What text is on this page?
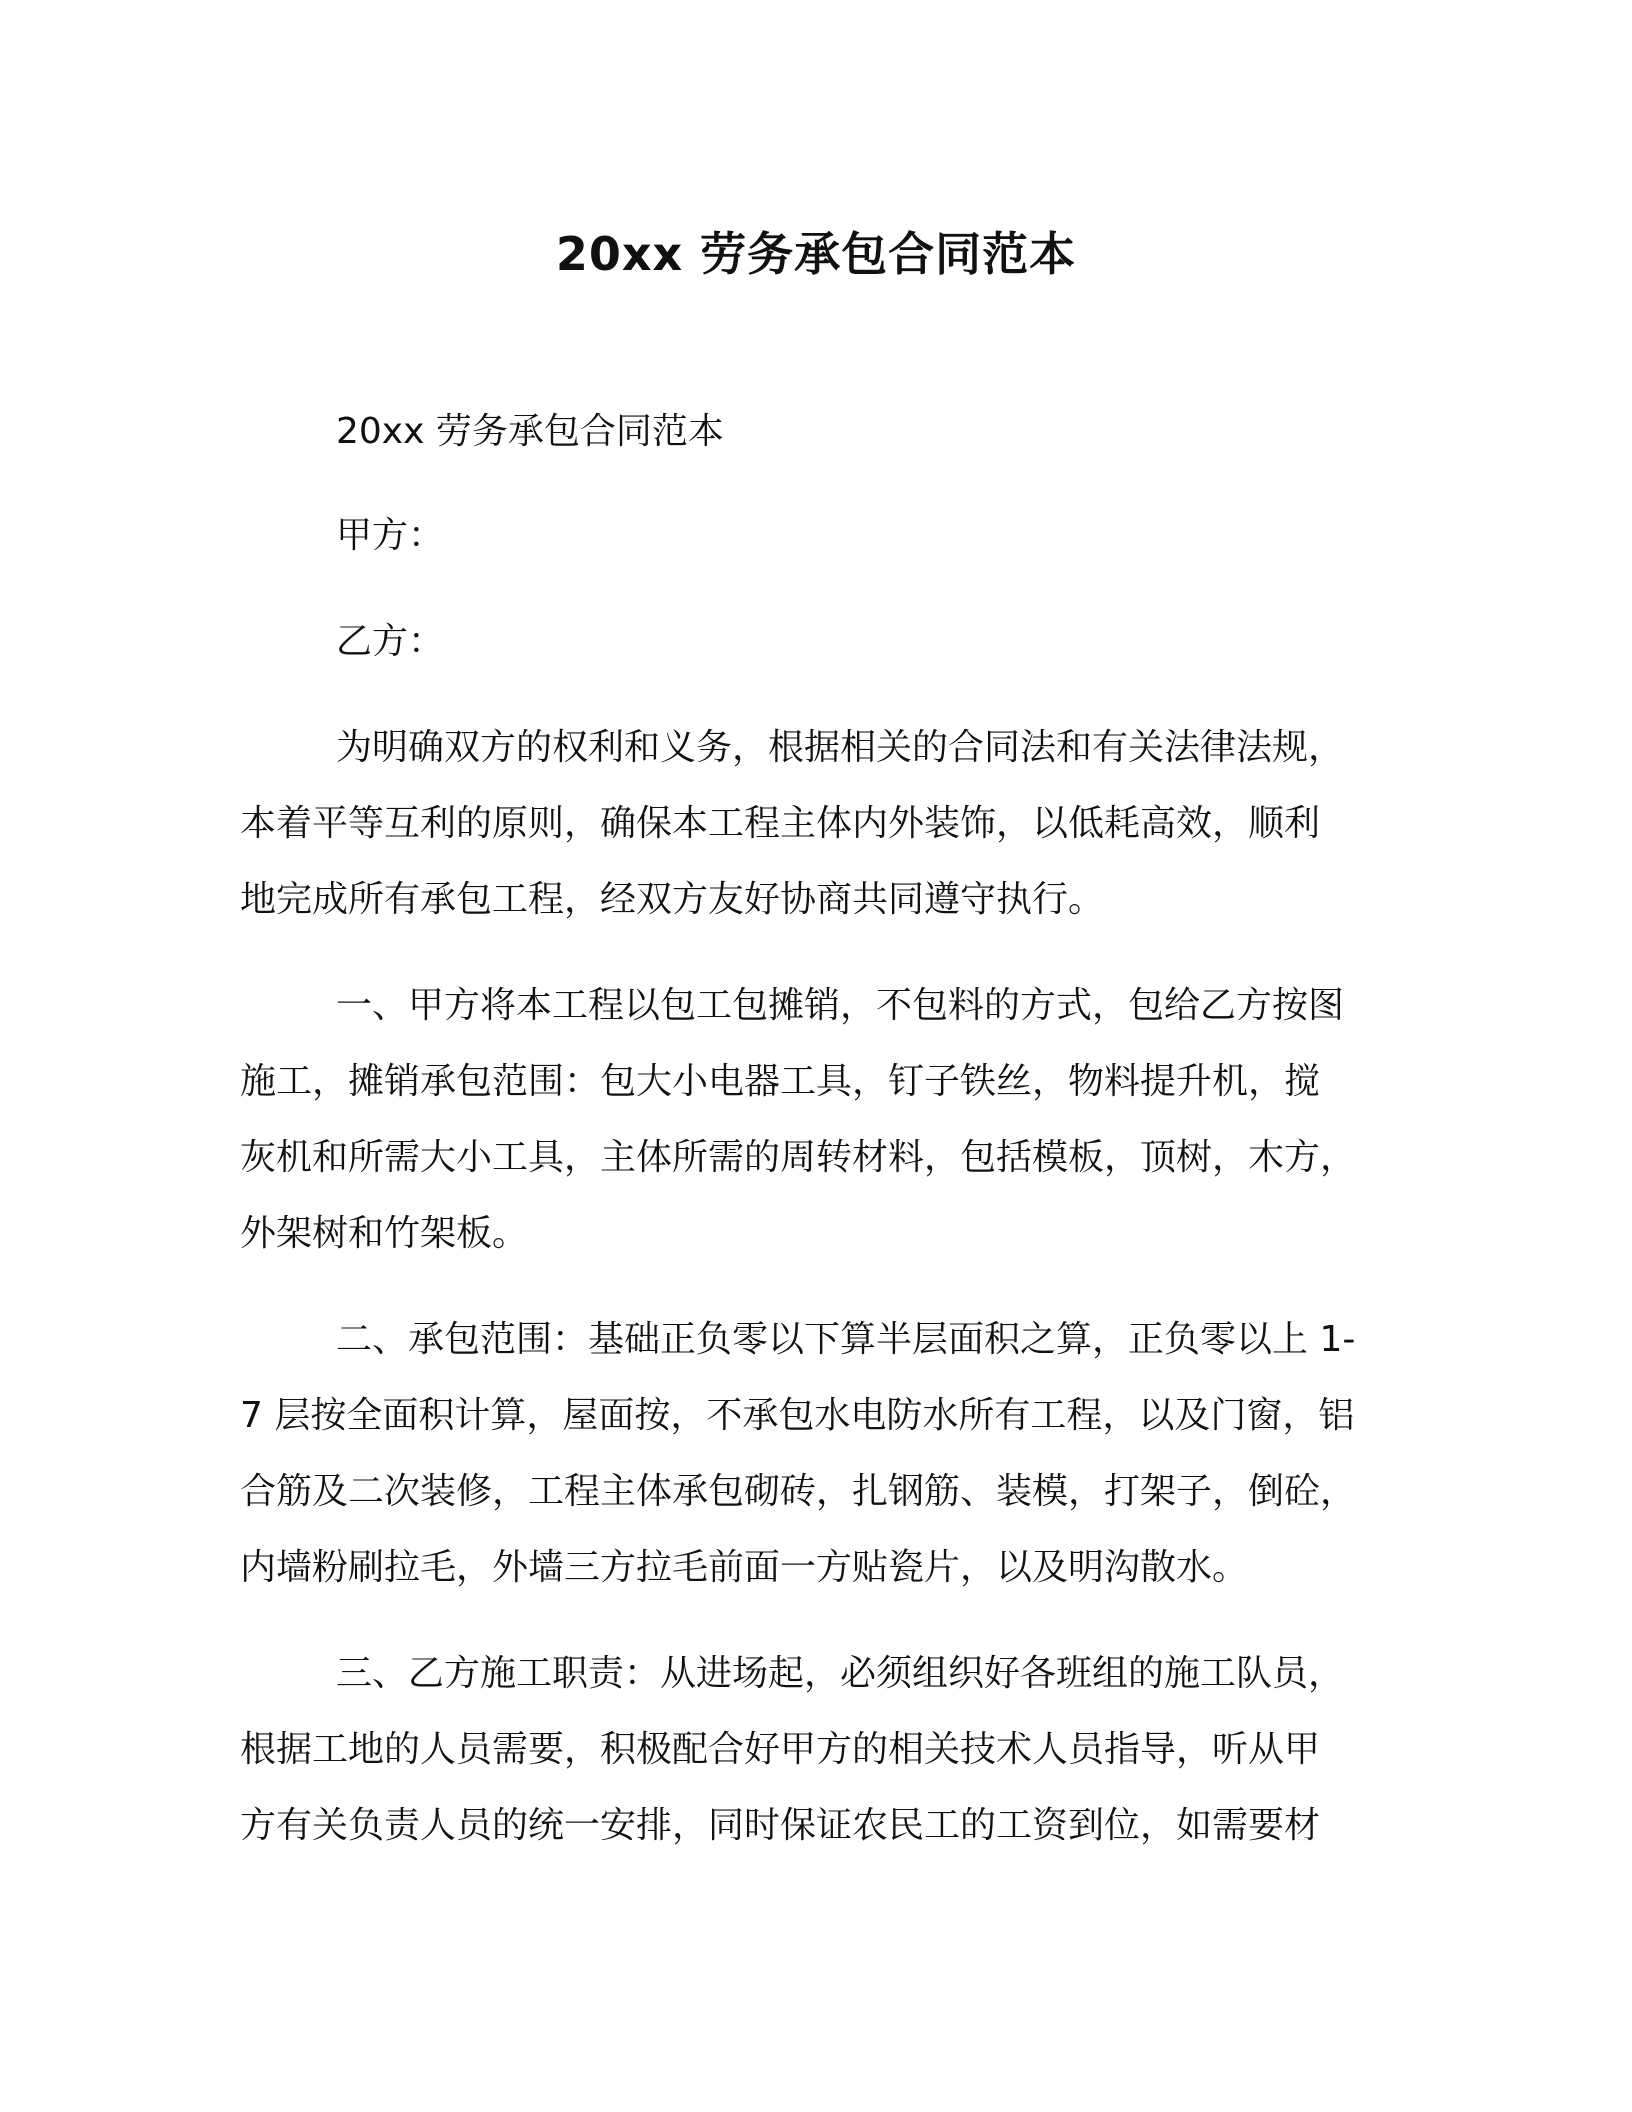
20xx 劳务承包合同范本
20xx 劳务承包合同范本
甲方：
乙方：
为明确双方的权利和义务，根据相关的合同法和有关法律法规，
本着平等互利的原则，确保本工程主体内外装饰，以低耗高效，顺利
地完成所有承包工程，经双方友好协商共同遵守执行。
一、甲方将本工程以包工包摊销，不包料的方式，包给乙方按图
施工，摊销承包范围：包大小电器工具，钉子铁丝，物料提升机，搅
灰机和所需大小工具，主体所需的周转材料，包括模板，顶树，木方，
外架树和竹架板。
二、承包范围：基础正负零以下算半层面积之算，正负零以上 1-
7 层按全面积计算，屋面按，不承包水电防水所有工程，以及门窗，铝
合筋及二次装修，工程主体承包砌砖，扎钢筋、装模，打架子，倒砼，
内墙粉刷拉毛，外墙三方拉毛前面一方贴瓷片，以及明沟散水。
三、乙方施工职责：从进场起，必须组织好各班组的施工队员，
根据工地的人员需要，积极配合好甲方的相关技术人员指导，听从甲
方有关负责人员的统一安排，同时保证农民工的工资到位，如需要材
